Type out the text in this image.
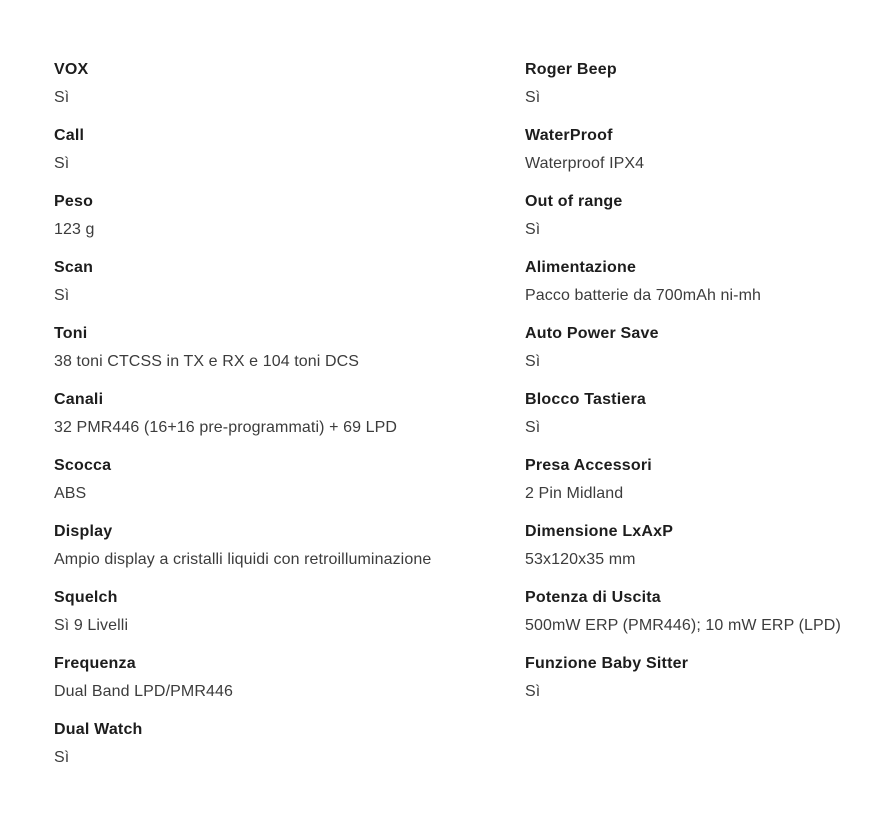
VOX
Sì
Call
Sì
Peso
123 g
Scan
Sì
Toni
38 toni CTCSS in TX e RX e 104 toni DCS
Canali
32 PMR446 (16+16 pre-programmati) + 69 LPD
Scocca
ABS
Display
Ampio display a cristalli liquidi con retroilluminazione
Squelch
Sì 9 Livelli
Frequenza
Dual Band LPD/PMR446
Dual Watch
Sì
Roger Beep
Sì
WaterProof
Waterproof IPX4
Out of range
Sì
Alimentazione
Pacco batterie da 700mAh ni-mh
Auto Power Save
Sì
Blocco Tastiera
Sì
Presa Accessori
2 Pin Midland
Dimensione LxAxP
53x120x35 mm
Potenza di Uscita
500mW ERP (PMR446); 10 mW ERP (LPD)
Funzione Baby Sitter
Sì
